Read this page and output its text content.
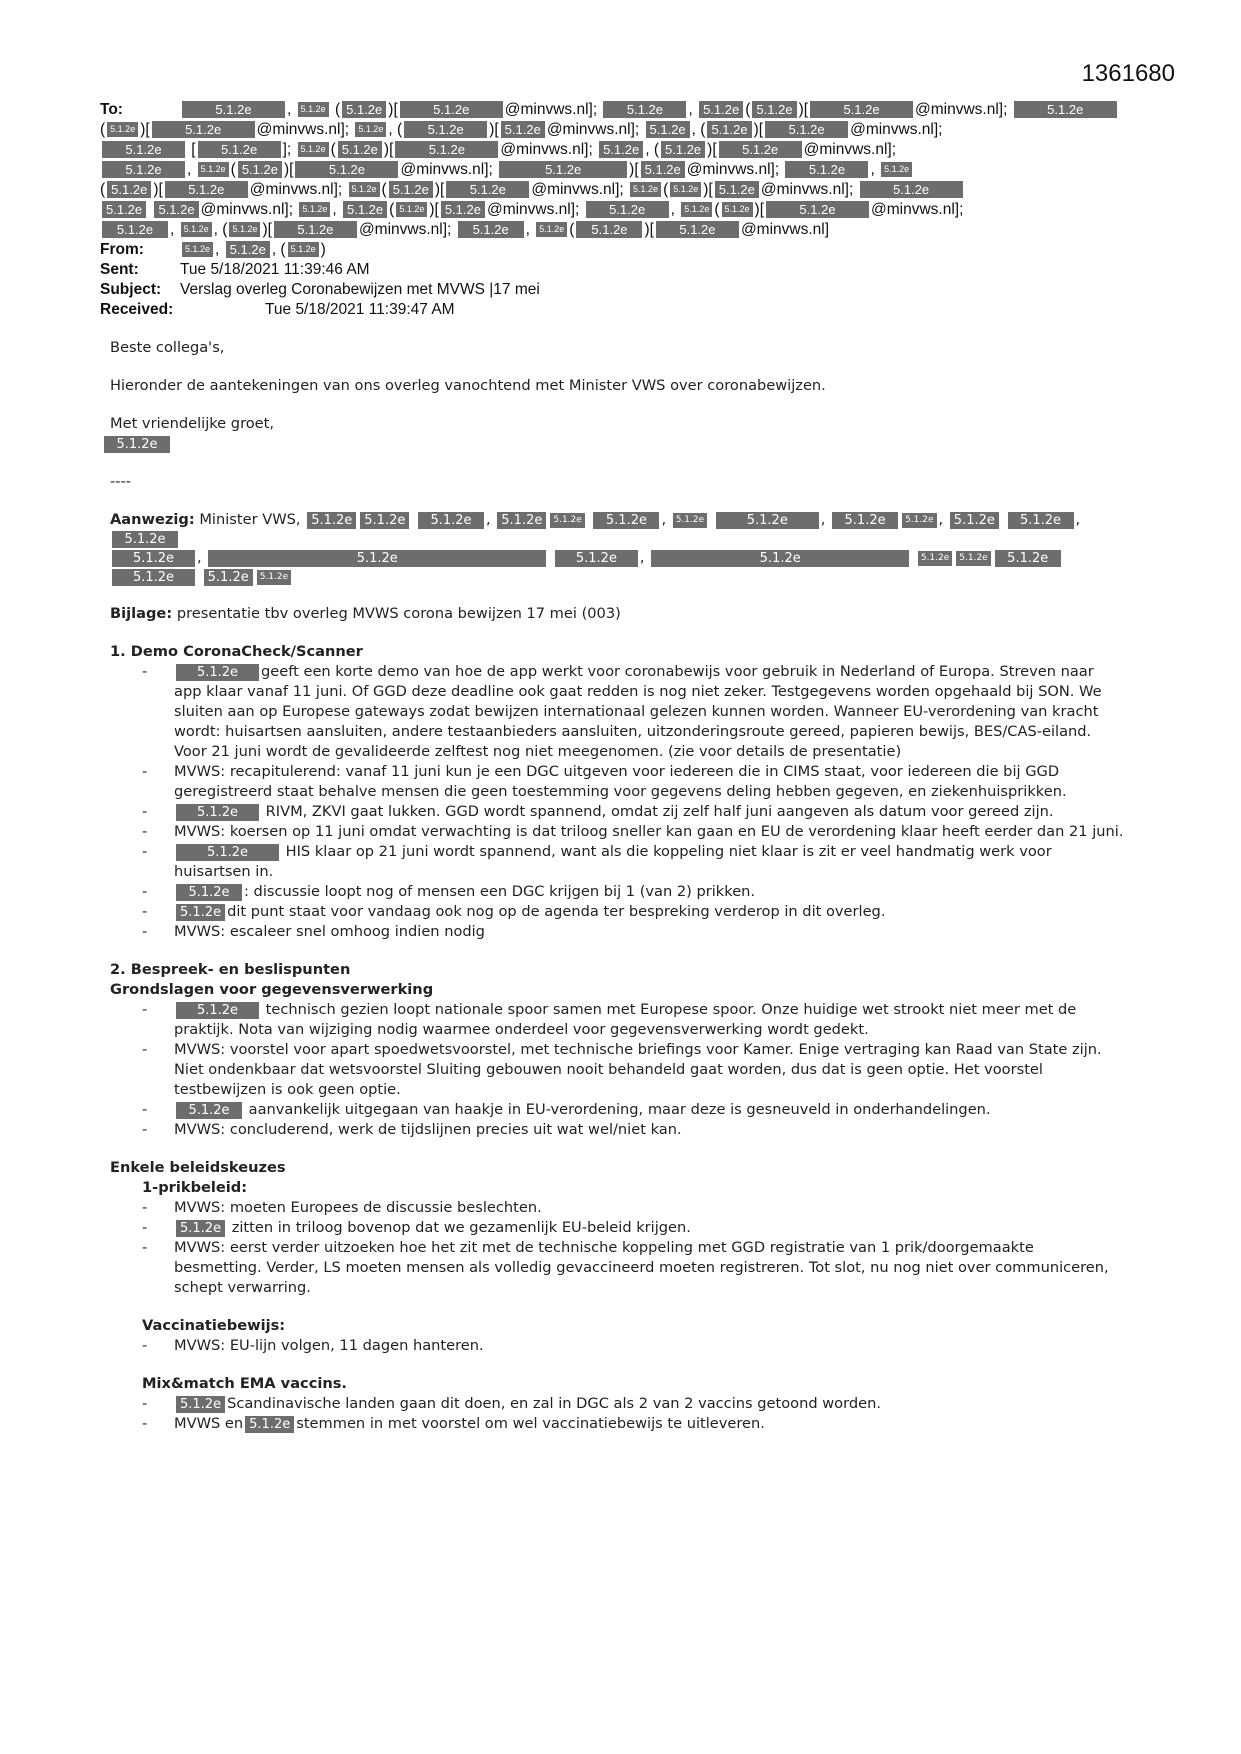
1361680
To:	5.1.2e , 5.1.2e ( 5.1.2e )[	5.1.2e @minvws.nl]; 5.1.2e , 5.1.2e ( 5.1.2e )[	5.1.2e @minvws.nl];	5.1.2e
( 5.1.2e )[	5.1.2e @minvws.nl]; 5.1.2e , ( 5.1.2e )[ 5.1.2e @minvws.nl]; 5.1.2e , ( 5.1.2e )[ 5.1.2e @minvws.nl];
5.1.2e [ 5.1.2e ]; 5.1.2e ( 5.1.2e )[	5.1.2e @minvws.nl]; 5.1.2e , ( 5.1.2e )[ 5.1.2e @minvws.nl];
5.1.2e , 5.1.2e ( 5.1.2e )[	5.1.2e @minvws.nl];	5.1.2e	)[ 5.1.2e @minvws.nl]; 5.1.2e , 5.1.2e
( 5.1.2e )[ 5.1.2e @minvws.nl]; 5.1.2e ( 5.1.2e )[ 5.1.2e @minvws.nl]; 5.1.2e ( 5.1.2e )[ 5.1.2e @minvws.nl];	5.1.2e
5.1.2e 5.1.2e @minvws.nl]; 5.1.2e , 5.1.2e ( 5.1.2e )[ 5.1.2e @minvws.nl]; 5.1.2e , 5.1.2e ( 5.1.2e )[	5.1.2e @minvws.nl];
5.1.2e , 5.1.2e , ( 5.1.2e )[ 5.1.2e @minvws.nl]; 5.1.2e , 5.1.2e ( 5.1.2e )[ 5.1.2e @minvws.nl]
From:	5.1.2e , 5.1.2e , ( 5.1.2e )
Sent:	Tue 5/18/2021 11:39:46 AM
Subject: Verslag overleg Coronabewijzen met MVWS |17 mei
Received:	Tue 5/18/2021 11:39:47 AM

Beste collega's,

Hieronder de aantekeningen van ons overleg vanochtend met Minister VWS over coronabewijzen.

Met vriendelijke groet,

5.1.2e

----

Aanwezig: Minister VWS, 5.1.2e 5.1.2e 5.1.2e , 5.1.2e 5.1.2e 5.1.2e , 5.1.2e	5.1.2e , 5.1.2e 5.1.2e , 5.1.2e 5.1.2e , 5.1.2e
5.1.2e ,	5.1.2e	5.1.2e ,	5.1.2e	5.1.2e 5.1.2e 5.1.2e
5.1.2e	5.1.2e 5.1.2e

Bijlage: presentatie tbv overleg MVWS corona bewijzen 17 mei (003)

1. Demo CoronaCheck/Scanner

- 5.1.2e geeft een korte demo van hoe de app werkt voor coronabewijs voor gebruik in Nederland of Europa. Streven naar app klaar vanaf 11 juni. Of GGD deze deadline ook gaat redden is nog niet zeker. Testgegevens worden opgehaald bij SON. We sluiten aan op Europese gateways zodat bewijzen internationaal gelezen kunnen worden. Wanneer EU-verordening van kracht wordt: huisartsen aansluiten, andere testaanbieders aansluiten, uitzonderingsroute gereed, papieren bewijs, BES/CAS-eiland. Voor 21 juni wordt de gevalideerde zelftest nog niet meegenomen. (zie voor details de presentatie)
- MVWS: recapitulerend: vanaf 11 juni kun je een DGC uitgeven voor iedereen die in CIMS staat, voor iedereen die bij GGD geregistreerd staat behalve mensen die geen toestemming voor gegevens deling hebben gegeven, en ziekenhuisprikken.
- 5.1.2e RIVM, ZKVI gaat lukken. GGD wordt spannend, omdat zij zelf half juni aangeven als datum voor gereed zijn.
- MVWS: koersen op 11 juni omdat verwachting is dat triloog sneller kan gaan en EU de verordening klaar heeft eerder dan 21 juni.
- 5.1.2e	HIS klaar op 21 juni wordt spannend, want als die koppeling niet klaar is zit er veel handmatig werk voor huisartsen in.
- 5.1.2e : discussie loopt nog of mensen een DGC krijgen bij 1 (van 2) prikken.
- 5.1.2e dit punt staat voor vandaag ook nog op de agenda ter bespreking verderop in dit overleg.
- MVWS: escaleer snel omhoog indien nodig

2. Bespreek- en beslispunten

Grondslagen voor gegevensverwerking

- 5.1.2e technisch gezien loopt nationale spoor samen met Europese spoor. Onze huidige wet strookt niet meer met de praktijk. Nota van wijziging nodig waarmee onderdeel voor gegevensverwerking wordt gedekt.
- MVWS: voorstel voor apart spoedwetsvoorstel, met technische briefings voor Kamer. Enige vertraging kan Raad van State zijn. Niet ondenkbaar dat wetsvoorstel Sluiting gebouwen nooit behandeld gaat worden, dus dat is geen optie. Het voorstel testbewijzen is ook geen optie.
- 5.1.2e aanvankelijk uitgegaan van haakje in EU-verordening, maar deze is gesneuveld in onderhandelingen.
- MVWS: concluderend, werk de tijdslijnen precies uit wat wel/niet kan.

Enkele beleidskeuzes

1-prikbeleid:

- MVWS: moeten Europees de discussie beslechten.
- 5.1.2e zitten in triloog bovenop dat we gezamenlijk EU-beleid krijgen.
- MVWS: eerst verder uitzoeken hoe het zit met de technische koppeling met GGD registratie van 1 prik/doorgemaakte besmetting. Verder, LS moeten mensen als volledig gevaccineerd moeten registreren. Tot slot, nu nog niet over communiceren, schept verwarring.

Vaccinatiebewijs:

- MVWS: EU-lijn volgen, 11 dagen hanteren.

Mix&match EMA vaccins.

- 5.1.2e Scandinavische landen gaan dit doen, en zal in DGC als 2 van 2 vaccins getoond worden.
- MVWS en 5.1.2e stemmen in met voorstel om wel vaccinatiebewijs te uitleveren.
